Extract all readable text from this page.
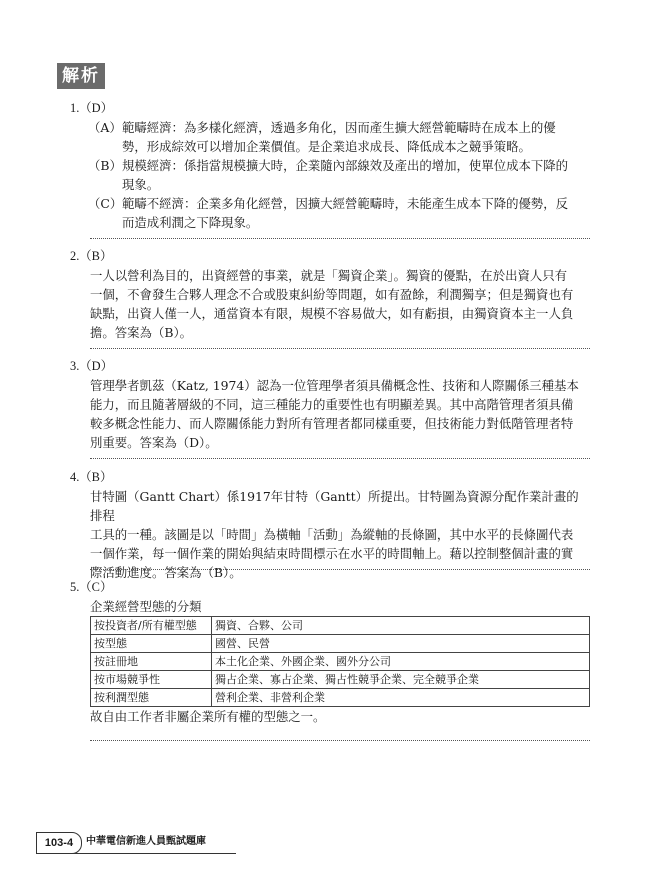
解析
1.（D）

（A） 範疇經濟：為多樣化經濟，透過多角化，因而產生擴大經營範疇時在成本上的優
勢，形成綜效可以增加企業價值。是企業追求成長、降低成本之競爭策略。

（B） 規模經濟：係指當規模擴大時，企業隨內部線效及產出的增加，使單位成本下降的
現象。

（C） 範疇不經濟：企業多角化經營，因擴大經營範疇時，未能產生成本下降的優勢，反
而造成利潤之下降現象。

2.（B）

一人以營利為目的，出資經營的事業，就是「獨資企業」。獨資的優點，在於出資人只有
一個，不會發生合夥人理念不合或股東糾紛等問題，如有盈餘，利潤獨享；但是獨資也有
缺點，出資人僅一人，通當資本有限，規模不容易做大，如有虧損，由獨資資本主一人負
擔。答案為（B）。

3.（D）

管理學者凱茲（Katz, 1974）認為一位管理學者須具備概念性、技術和人際關係三種基本
能力，而且隨著層級的不同，這三種能力的重要性也有明顯差異。其中高階管理者須具備
較多概念性能力、而人際關係能力對所有管理者都同樣重要，但技術能力對低階管理者特
別重要。答案為（D）。

4.（B）

甘特圖（Gantt Chart）係1917年甘特（Gantt）所提出。甘特圖為資源分配作業計畫的排程
工具的一種。該圖是以「時間」為橫軸「活動」為縱軸的長條圖，其中水平的長條圖代表
一個作業，每一個作業的開始與結束時間標示在水平的時間軸上。藉以控制整個計畫的實
際活動進度。答案為（B）。

5.（C）
企業經營型態的分類
按投資者/所有權型態	獨資、合夥、公司
按型態	國營、民營
按註冊地	本土化企業、外國企業、國外分公司
按市場競爭性	獨占企業、寡占企業、獨占性競爭企業、完全競爭企業
按利潤型態	營利企業、非營利企業
故自由工作者非屬企業所有權的型態之一。
103-4	中華電信新進人員甄試題庫
